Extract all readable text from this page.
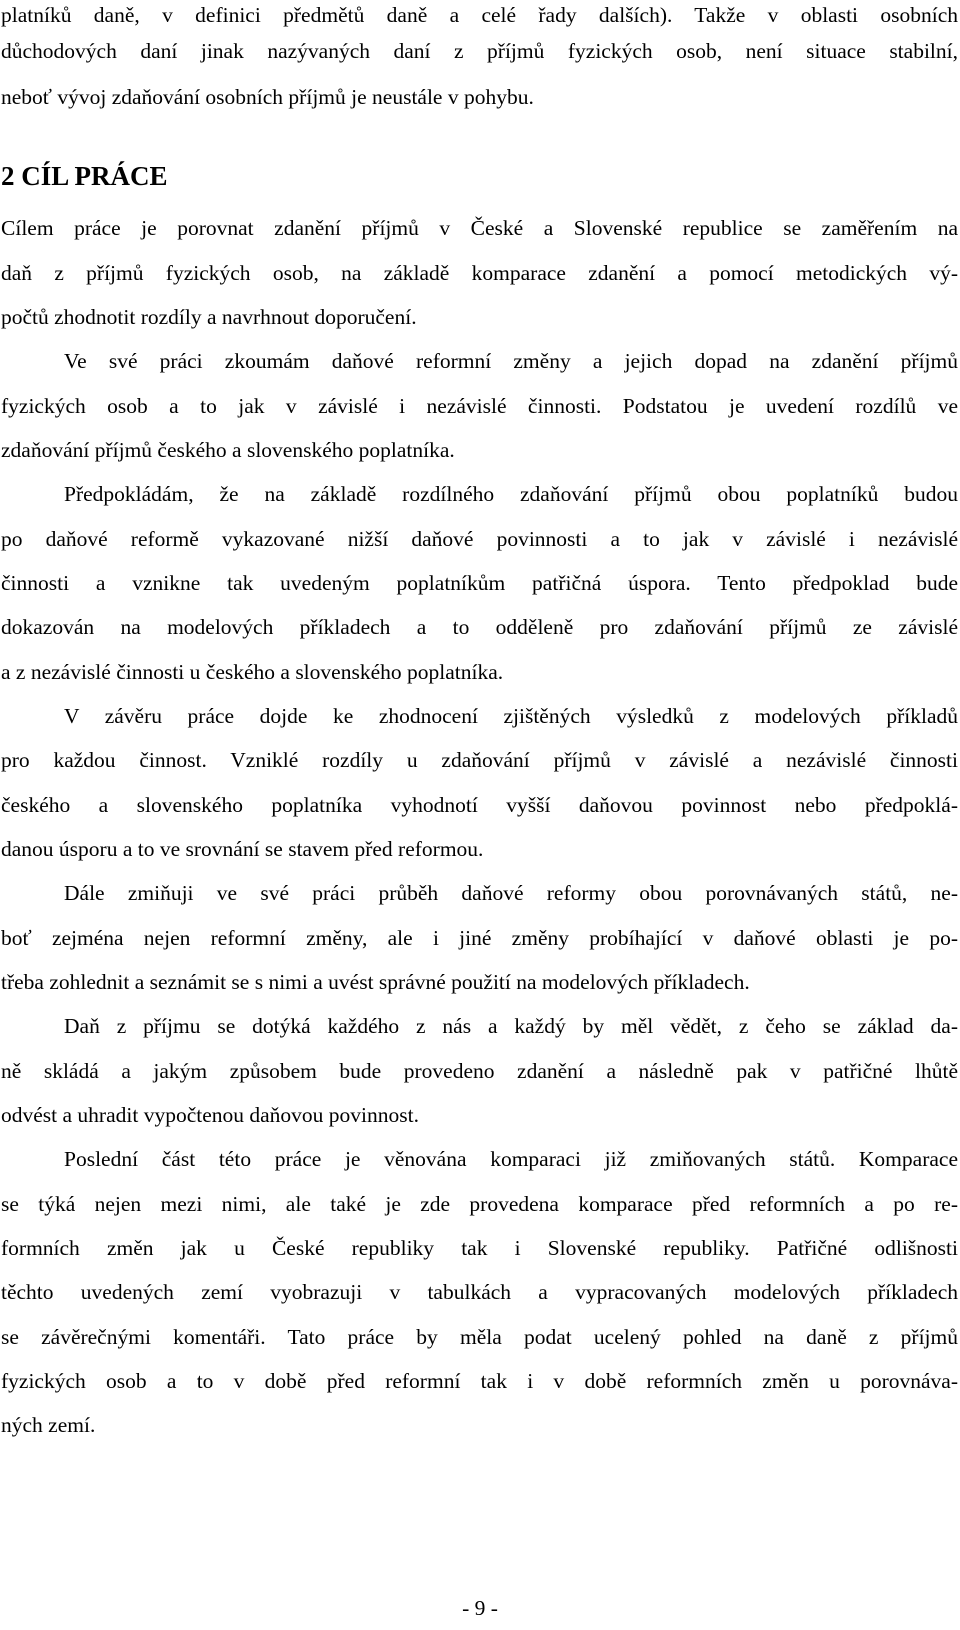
platníků daně, v definici předmětů daně a celé řady dalších). Takže v oblasti osobních
důchodových daní jinak nazývaných daní z příjmů fyzických osob, není situace stabilní,
neboť vývoj zdaňování osobních příjmů je neustále v pohybu.
2 CÍL PRÁCE
Cílem práce je porovnat zdanění příjmů v České a Slovenské republice se zaměřením na
daň z příjmů fyzických osob, na základě komparace zdanění a pomocí metodických vý-
počtů zhodnotit rozdíly a navrhnout doporučení.
Ve své práci zkoumám daňové reformní změny a jejich dopad na zdanění příjmů
fyzických osob a to jak v závislé i nezávislé činnosti. Podstatou je uvedení rozdílů ve
zdaňování příjmů českého a slovenského poplatníka.
Předpokládám, že na základě rozdílného zdaňování příjmů obou poplatníků budou
po daňové reformě vykazované nižší daňové povinnosti a to jak v závislé i nezávislé
činnosti a vznikne tak uvedeným poplatníkům patřičná úspora. Tento předpoklad bude
dokazován na modelových příkladech a to odděleně pro zdaňování příjmů ze závislé
a z nezávislé činnosti u českého a slovenského poplatníka.
V závěru práce dojde ke zhodnocení zjištěných výsledků z modelových příkladů
pro každou činnost. Vzniklé rozdíly u zdaňování příjmů v závislé a nezávislé činnosti
českého a slovenského poplatníka vyhodnotí vyšší daňovou povinnost nebo předpoklá-
danou úsporu a to ve srovnání se stavem před reformou.
Dále zmiňuji ve své práci průběh daňové reformy obou porovnávaných států, ne-
boť zejména nejen reformní změny, ale i jiné změny probíhající v daňové oblasti je po-
třeba zohlednit a seznámit se s nimi a uvést správné použití na modelových příkladech.
Daň z příjmu se dotýká každého z nás a každý by měl vědět, z čeho se základ da-
ně skládá a jakým způsobem bude provedeno zdanění a následně pak v patřičné lhůtě
odvést a uhradit vypočtenou daňovou povinnost.
Poslední část této práce je věnována komparaci již zmiňovaných států. Komparace
se týká nejen mezi nimi, ale také je zde provedena komparace před reformních a po re-
formních změn jak u České republiky tak i Slovenské republiky. Patřičné odlišnosti
těchto uvedených zemí vyobrazuji v tabulkách a vypracovaných modelových příkladech
se závěrečnými komentáři. Tato práce by měla podat ucelený pohled na daně z příjmů
fyzických osob a to v době před reformní tak i v době reformních změn u porovnáva-
ných zemí.
- 9 -
